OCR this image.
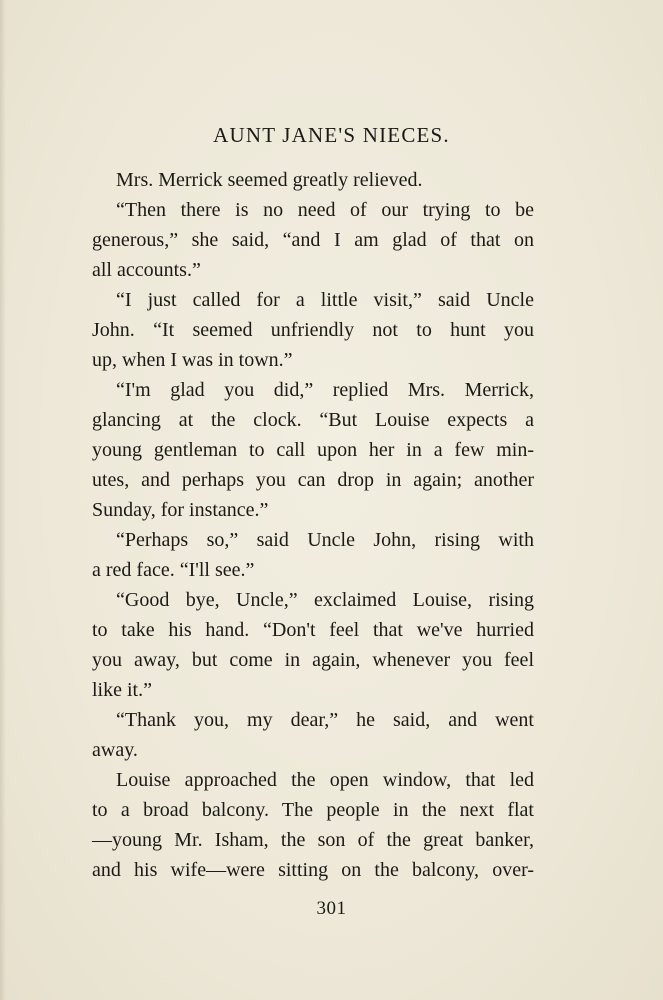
AUNT JANE'S NIECES.
Mrs. Merrick seemed greatly relieved.
“Then there is no need of our trying to be
generous,” she said, “and I am glad of that on
all accounts.”
“I just called for a little visit,” said Uncle
John. “It seemed unfriendly not to hunt you
up, when I was in town.”
“I'm glad you did,” replied Mrs. Merrick,
glancing at the clock. “But Louise expects a
young gentleman to call upon her in a few min-
utes, and perhaps you can drop in again; another
Sunday, for instance.”
“Perhaps so,” said Uncle John, rising with
a red face. “I'll see.”
“Good bye, Uncle,” exclaimed Louise, rising
to take his hand. “Don't feel that we've hurried
you away, but come in again, whenever you feel
like it.”
“Thank you, my dear,” he said, and went
away.
Louise approached the open window, that led
to a broad balcony. The people in the next flat
—young Mr. Isham, the son of the great banker,
and his wife—were sitting on the balcony, over-
301
